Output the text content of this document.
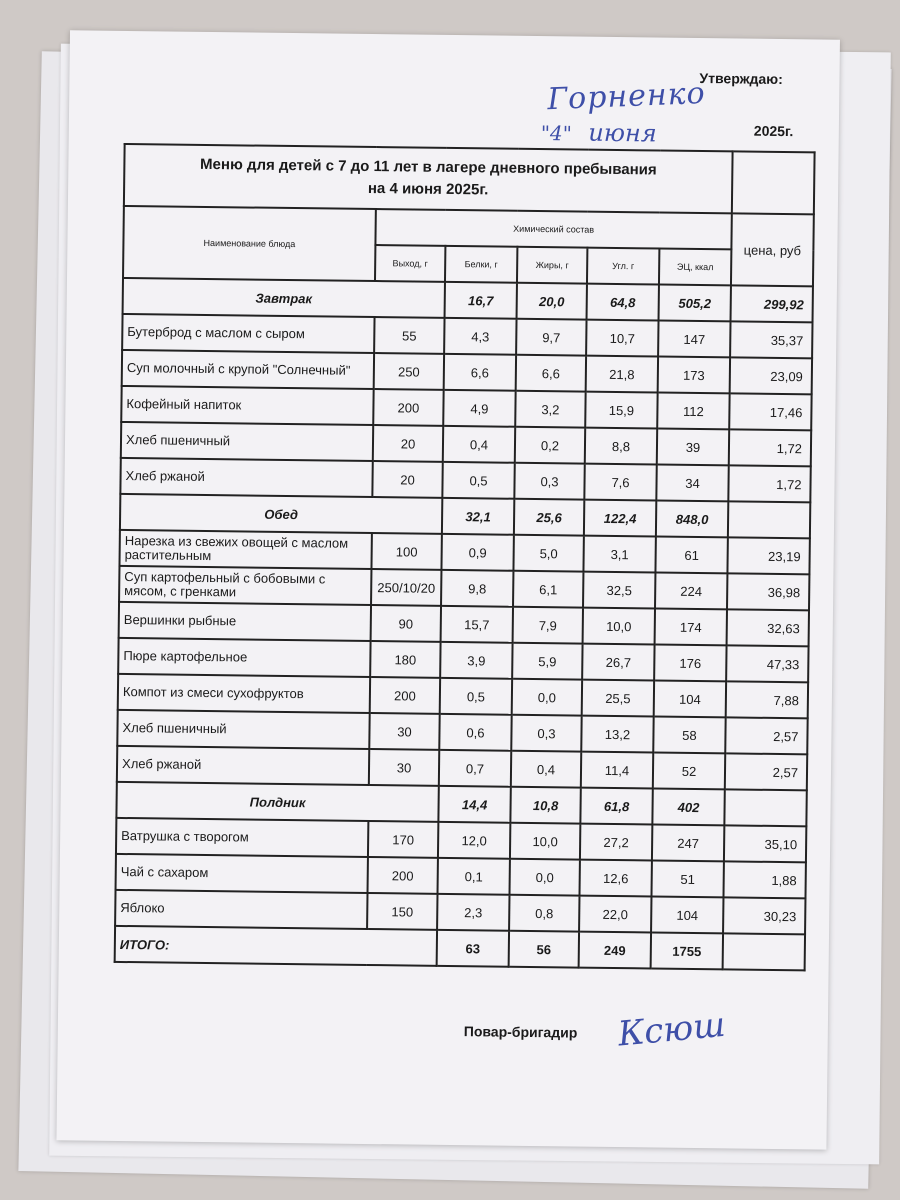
Утверждаю:
Горненко
"4" июня	2025г.
Меню для детей с 7 до 11 лет в лагере дневного пребывания
на 4 июня 2025г.						

Наименование блюда	Химический состав					цена, руб
	Выход, г	Белки, г	Жиры, г	Угл. г	ЭЦ, ккал	
Завтрак		16,7	20,0	64,8	505,2	299,92
Бутерброд с маслом с сыром	55	4,3	9,7	10,7	147	35,37
Суп молочный с крупой "Солнечный"	250	6,6	6,6	21,8	173	23,09
Кофейный напиток	200	4,9	3,2	15,9	112	17,46
Хлеб пшеничный	20	0,4	0,2	8,8	39	1,72
Хлеб ржаной	20	0,5	0,3	7,6	34	1,72
Обед		32,1	25,6	122,4	848,0	
Нарезка из свежих овощей с маслом растительным	100	0,9	5,0	3,1	61	23,19
Суп картофельный с бобовыми с мясом, с гренками	250/10/20	9,8	6,1	32,5	224	36,98
Вершинки рыбные	90	15,7	7,9	10,0	174	32,63
Пюре картофельное	180	3,9	5,9	26,7	176	47,33
Компот из смеси сухофруктов	200	0,5	0,0	25,5	104	7,88
Хлеб пшеничный	30	0,6	0,3	13,2	58	2,57
Хлеб ржаной	30	0,7	0,4	11,4	52	2,57
Полдник		14,4	10,8	61,8	402	
Ватрушка с творогом	170	12,0	10,0	27,2	247	35,10
Чай с сахаром	200	0,1	0,0	12,6	51	1,88
Яблоко	150	2,3	0,8	22,0	104	30,23
ИТОГО:		63	56	249	1755	
Повар-бригадир Ксюш
